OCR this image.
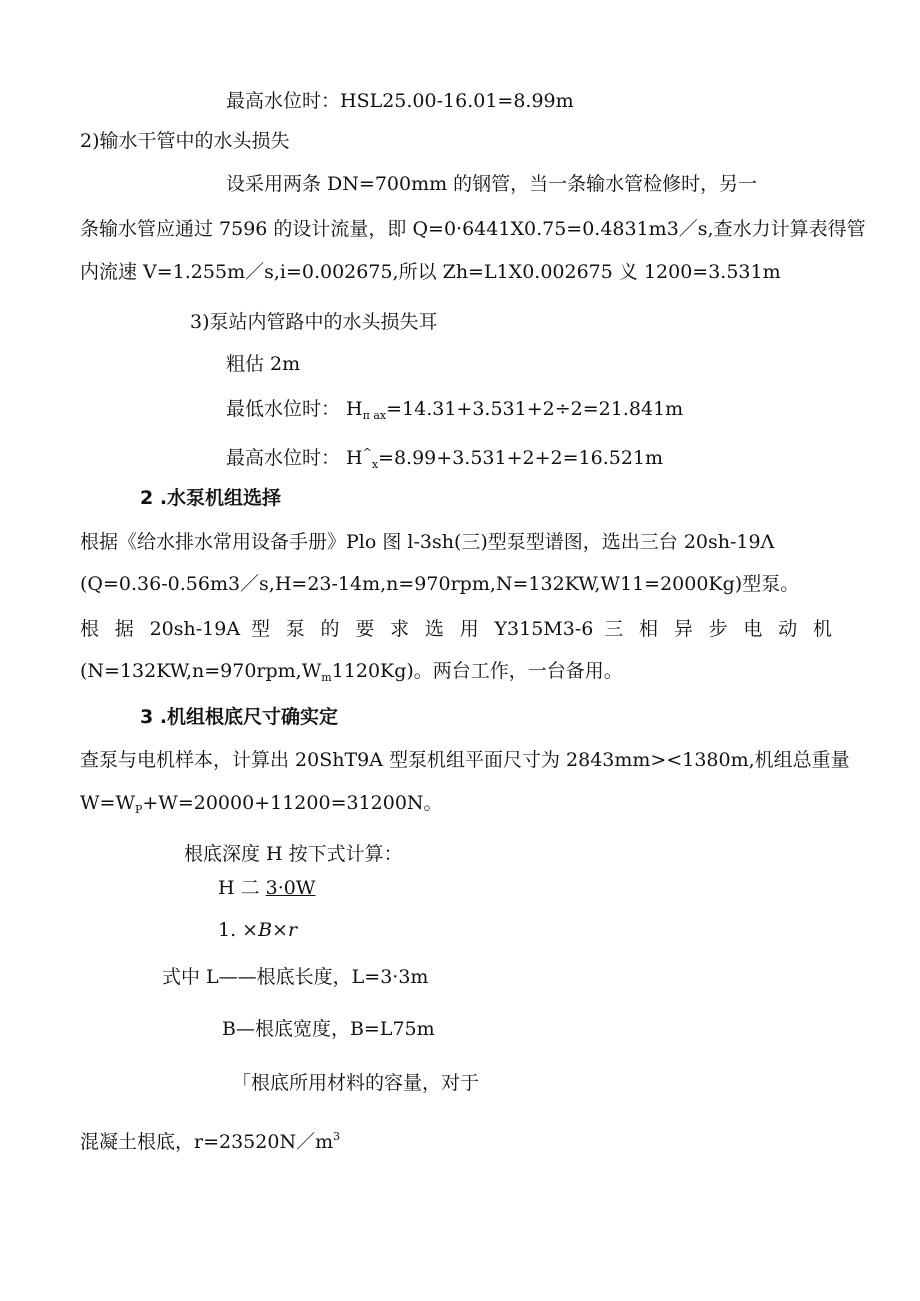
最高水位时：HSL25.00-16.01=8.99m
2)输水干管中的水头损失
设采用两条 DN=700mm 的钢管，当一条输水管检修时，另一
条输水管应通过 7596 的设计流量，即 Q=0·6441X0.75=0.4831m3／s,查水力计算表得管
内流速 V=1.255m／s,i=0.002675,所以 Zh=L1X0.002675 义 1200=3.531m
3)泵站内管路中的水头损失耳
粗估 2m
最低水位时： $H_{\pi ax}=14.31+3.531+2\div 2=21.841m$
最高水位时： $H^{\^{}}_x=8.99+3.531+2+2=16.521m$
2 .水泵机组选择
根据《给水排水常用设备手册》Plo 图 l-3sh(三)型泵型谱图，选出三台 20sh-19Λ
(Q=0.36-0.56m3／s,H=23-14m,n=970rpm,N=132KW,W11=2000Kg)型泵。
根 据 20sh-19A 型 泵 的 要 求 选 用 Y315M3-6 三 相 异 步 电 动 机
$(N=132KW,n=970rpm,W_m1120Kg)$。两台工作，一台备用。
3 .机组根底尺寸确实定
查泵与电机样本，计算出 20ShT9A 型泵机组平面尺寸为 2843mm><1380m,机组总重量
$W=W_P+W=20000+11200=31200N$。
根底深度 H 按下式计算：
H 二 3·0W
1. ×B×r
式中 L——根底长度，L=3·3m
B—根底宽度，B=L75m
「根底所用材料的容量，对于
混凝土根底，$r=23520N/m^3$
